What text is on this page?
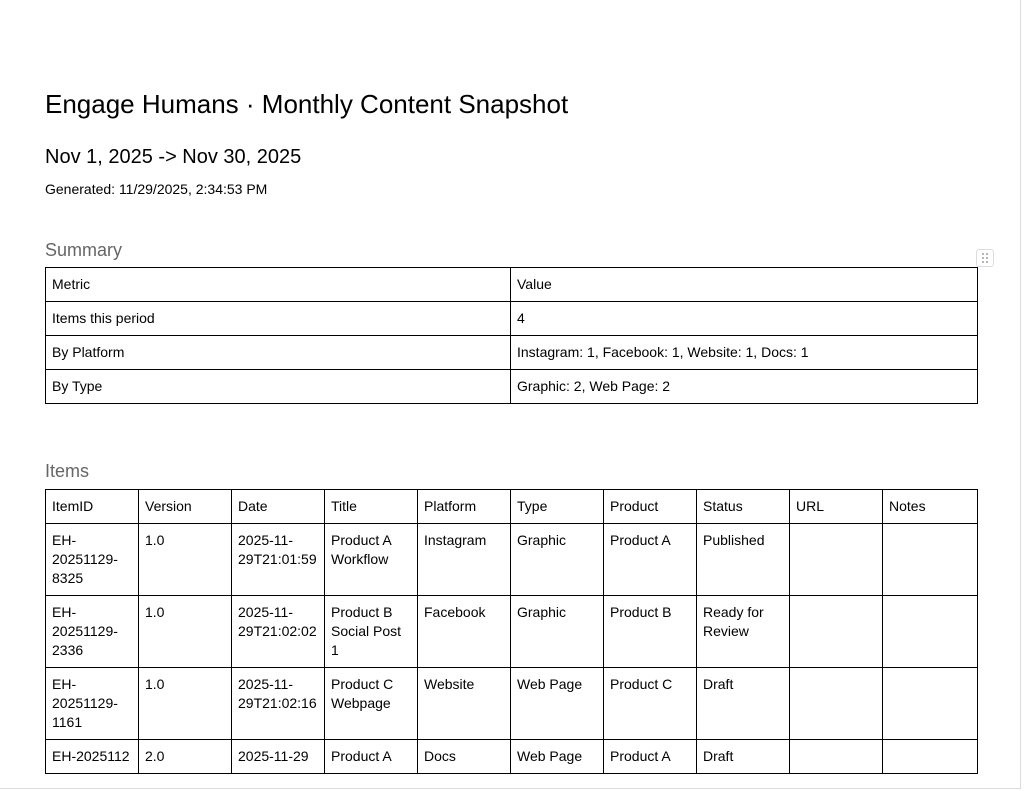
Engage Humans · Monthly Content Snapshot
Nov 1, 2025 -> Nov 30, 2025
Generated: 11/29/2025, 2:34:53 PM
Summary
Metric	Value
Items this period	4
By Platform	Instagram: 1, Facebook: 1, Website: 1, Docs: 1
By Type	Graphic: 2, Web Page: 2
Items
ItemID	Version	Date	Title	Platform	Type	Product	Status	URL	Notes
EH-20251129-8325	1.0	2025-11-29T21:01:59	Product A Workflow	Instagram	Graphic	Product A	Published		
EH-20251129-2336	1.0	2025-11-29T21:02:02	Product B Social Post 1	Facebook	Graphic	Product B	Ready for Review		
EH-20251129-1161	1.0	2025-11-29T21:02:16	Product C Webpage	Website	Web Page	Product C	Draft		
EH-2025112	2.0	2025-11-29	Product A	Docs	Web Page	Product A	Draft		
